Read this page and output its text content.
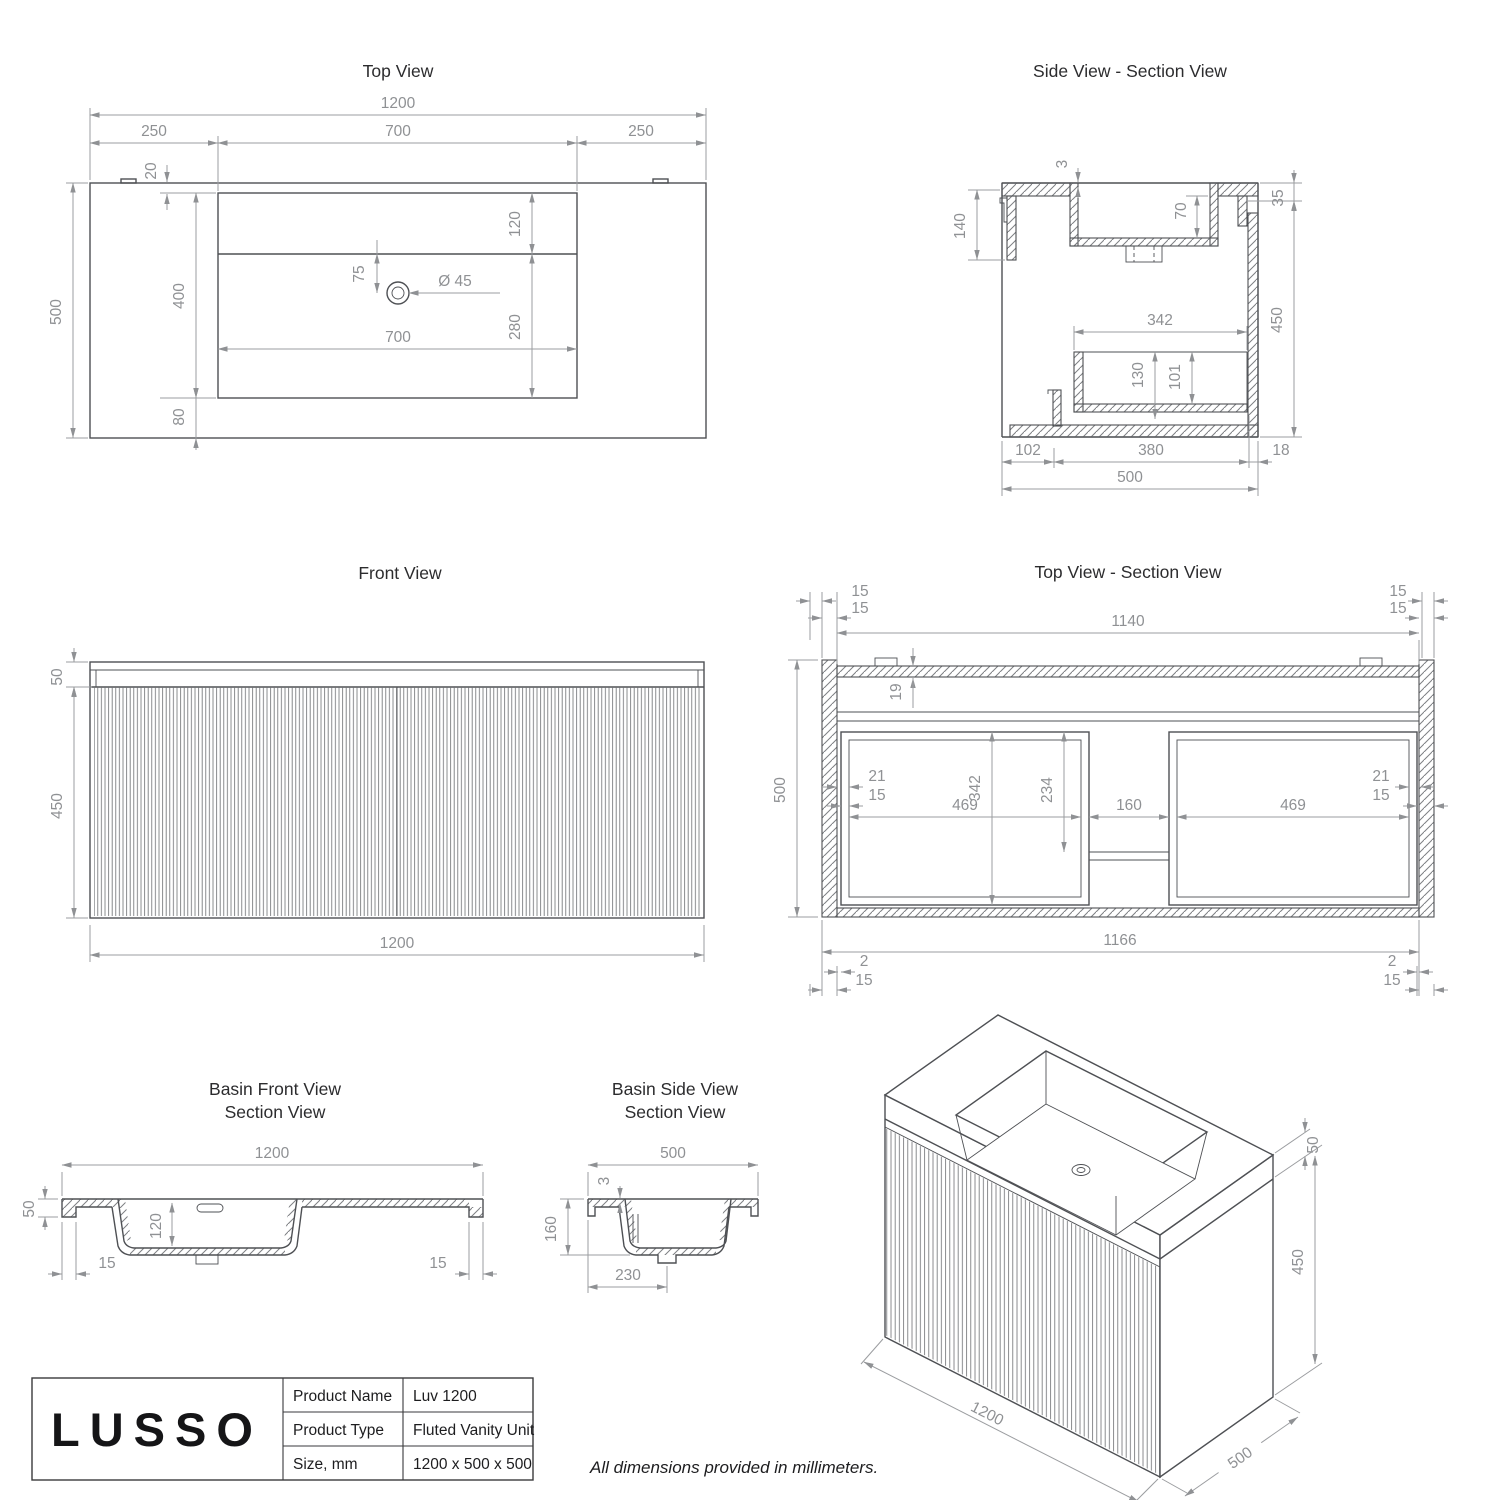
Top View
1200
250	700	250
500
20
400
80
120
280
75	Ø 45
700
Side View - Section View
3
70
35
450
140
342
130 101
102	380	18
500
Front View
50
450
1200
Top View - Section View
15
15
15
15
1140
19
500
21
15
469
342	234
160	469
21
15
1166
2
15
2
15
Basin Front View
Section View
1200
50
120
15	15
Basin Side View
Section View
500
3
160
230
50
450
1200
500
LUSSO
Product Name Luv 1200
Product Type Fluted Vanity Unit
Size, mm	1200 x 500 x 500	All dimensions provided in millimeters.
